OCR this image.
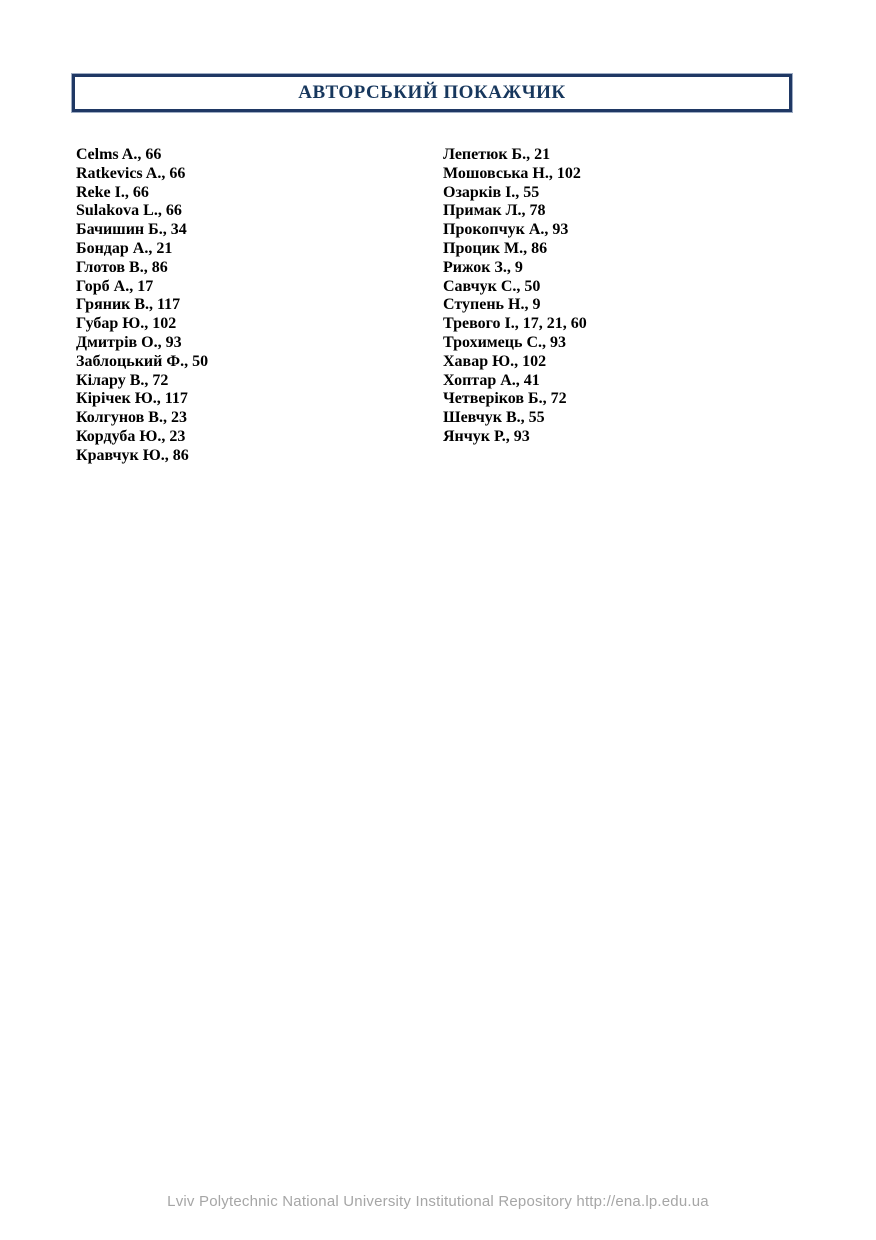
АВТОРСЬКИЙ ПОКАЖЧИК
Celms A., 66
Ratkevics A., 66
Reke I., 66
Sulakova L., 66
Бачишин Б., 34
Бондар А., 21
Глотов В., 86
Горб А., 17
Гряник В., 117
Губар Ю., 102
Дмитрів О., 93
Заблоцький Ф., 50
Кілару В., 72
Кірічек Ю., 117
Колгунов В., 23
Кордуба Ю., 23
Кравчук Ю., 86
Лепетюк Б., 21
Мошовська Н., 102
Озарків І., 55
Примак Л., 78
Прокопчук А., 93
Процик М., 86
Рижок З., 9
Савчук С., 50
Ступень Н., 9
Тревого І., 17, 21, 60
Трохимець С., 93
Хавар Ю., 102
Хоптар А., 41
Четверіков Б., 72
Шевчук В., 55
Янчук Р., 93
Lviv Polytechnic National University Institutional Repository http://ena.lp.edu.ua
